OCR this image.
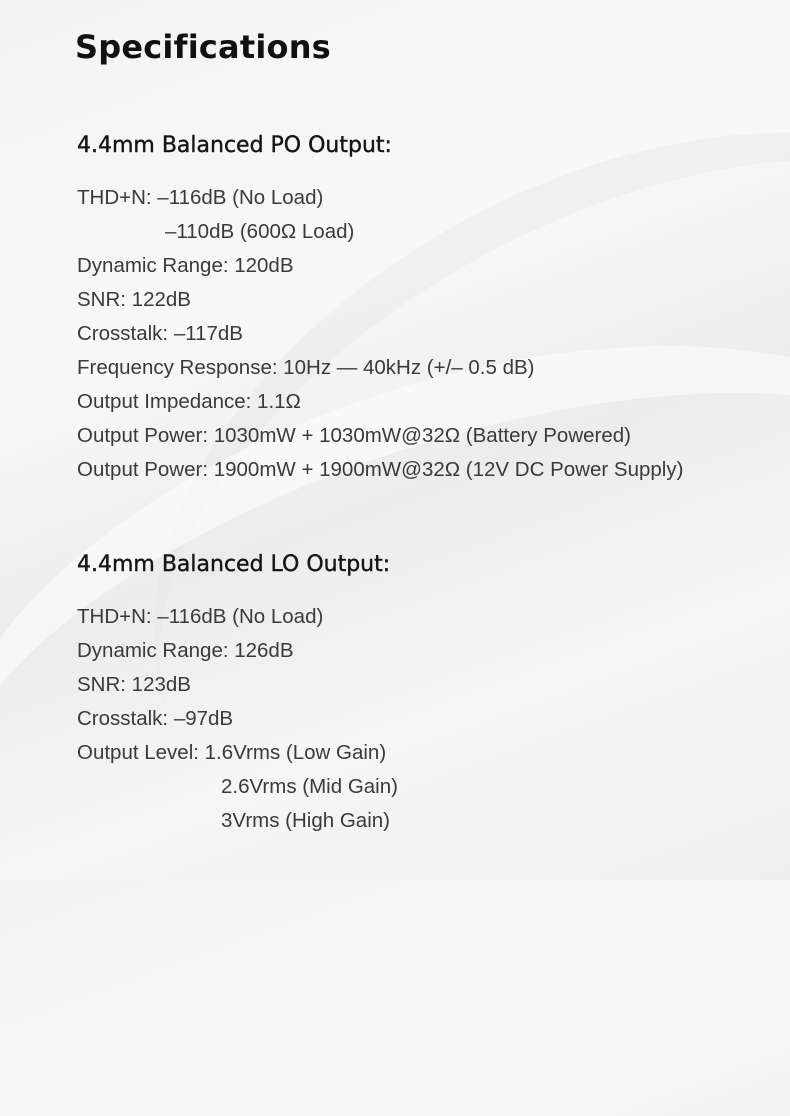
Specifications
4.4mm Balanced PO Output:
THD+N: –116dB (No Load)
–110dB (600Ω Load)
Dynamic Range: 120dB
SNR: 122dB
Crosstalk: –117dB
Frequency Response: 10Hz — 40kHz (+/– 0.5 dB)
Output Impedance: 1.1Ω
Output Power: 1030mW + 1030mW@32Ω (Battery Powered)
Output Power: 1900mW + 1900mW@32Ω (12V DC Power Supply)
4.4mm Balanced LO Output:
THD+N: –116dB (No Load)
Dynamic Range: 126dB
SNR: 123dB
Crosstalk: –97dB
Output Level: 1.6Vrms (Low Gain)
2.6Vrms (Mid Gain)
3Vrms (High Gain)
